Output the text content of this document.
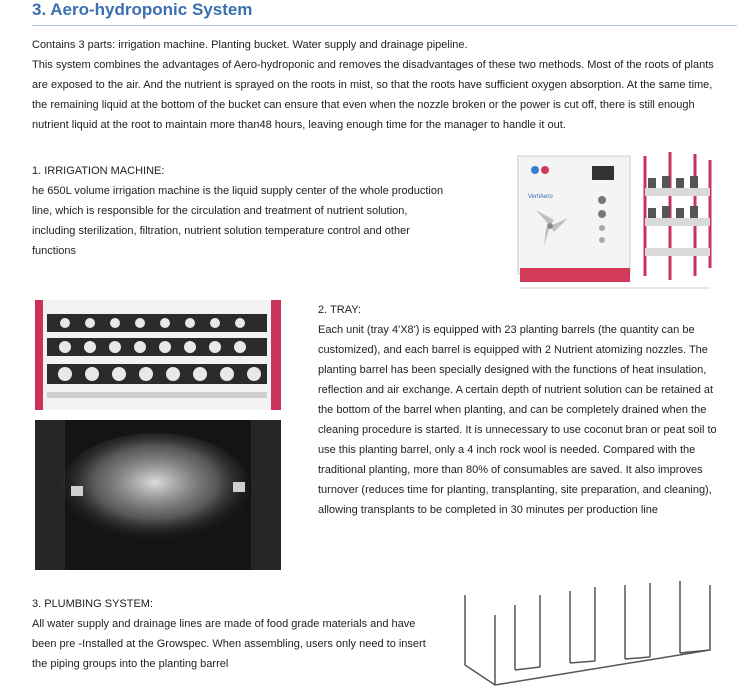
3. Aero-hydroponic System

Contains 3 parts: irrigation machine. Planting bucket. Water supply and drainage pipeline.

This system combines the advantages of Aero-hydroponic and removes the disadvantages of these two methods. Most of the roots of plants are exposed to the air. And the nutrient is sprayed on the roots in mist, so that the roots have sufficient oxygen absorption. At the same time, the remaining liquid at the bottom of the bucket can ensure that even when the nozzle broken or the power is cut off, there is still enough nutrient liquid at the root to maintain more than48 hours, leaving enough time for the manager to handle it out.

1. IRRIGATION MACHINE:

he 650L volume irrigation machine is the liquid supply center of the whole production line, which is responsible for the circulation and treatment of nutrient solution, including sterilization, filtration, nutrient solution temperature control and other functions

VertiAero

2. TRAY:

Each unit (tray 4'X8') is equipped with 23 planting barrels (the quantity can be customized), and each barrel is equipped with 2 Nutrient atomizing nozzles. The planting barrel has been specially designed with the functions of heat insulation, reflection and air exchange. A certain depth of nutrient solution can be retained at the bottom of the barrel when planting, and can be completely drained when the cleaning procedure is started. It is unnecessary to use coconut bran or peat soil to use this planting barrel, only a 4 inch rock wool is needed. Compared with the traditional planting, more than 80% of consumables are saved. It also improves turnover (reduces time for planting, transplanting, site preparation, and cleaning), allowing transplants to be completed in 30 minutes per production line

3. PLUMBING SYSTEM:

All water supply and drainage lines are made of food grade materials and have been pre -Installed at the Growspec. When assembling, users only need to insert the piping groups into the planting barrel
